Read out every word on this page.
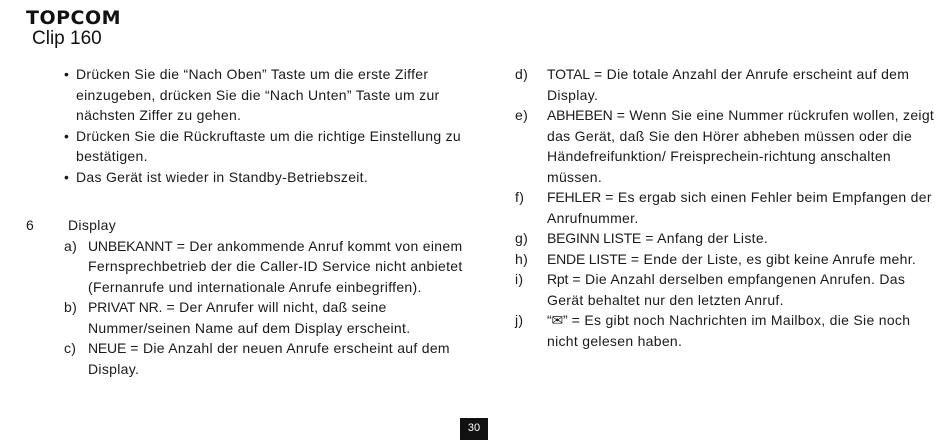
TOPCOM
Clip 160
• Drücken Sie die “Nach Oben” Taste um die erste Ziffer einzugeben, drücken Sie die “Nach Unten” Taste um zur nächsten Ziffer zu gehen.
• Drücken Sie die Rückruftaste um die richtige Einstellung zu bestätigen.
• Das Gerät ist wieder in Standby-Betriebszeit.
6	Display
a) UNBEKANNT = Der ankommende Anruf kommt von einem Fernsprechbetrieb der die Caller-ID Service nicht anbietet (Fernanrufe und internationale Anrufe einbegriffen).
b) PRIVAT NR. = Der Anrufer will nicht, daß seine Nummer/seinen Name auf dem Display erscheint.
c) NEUE = Die Anzahl der neuen Anrufe erscheint auf dem Display.
d) TOTAL = Die totale Anzahl der Anrufe erscheint auf dem Display.
e) ABHEBEN = Wenn Sie eine Nummer rückrufen wollen, zeigt das Gerät, daß Sie den Hörer abheben müssen oder die Händefreifunktion/ Freisprechein-richtung anschalten müssen.
f) FEHLER = Es ergab sich einen Fehler beim Empfangen der Anrufnummer.
g) BEGINN LISTE = Anfang der Liste.
h) ENDE LISTE = Ende der Liste, es gibt keine Anrufe mehr.
i) Rpt = Die Anzahl derselben empfangenen Anrufen. Das Gerät behaltet nur den letzten Anruf.
j) “✉” = Es gibt noch Nachrichten im Mailbox, die Sie noch nicht gelesen haben.
30
